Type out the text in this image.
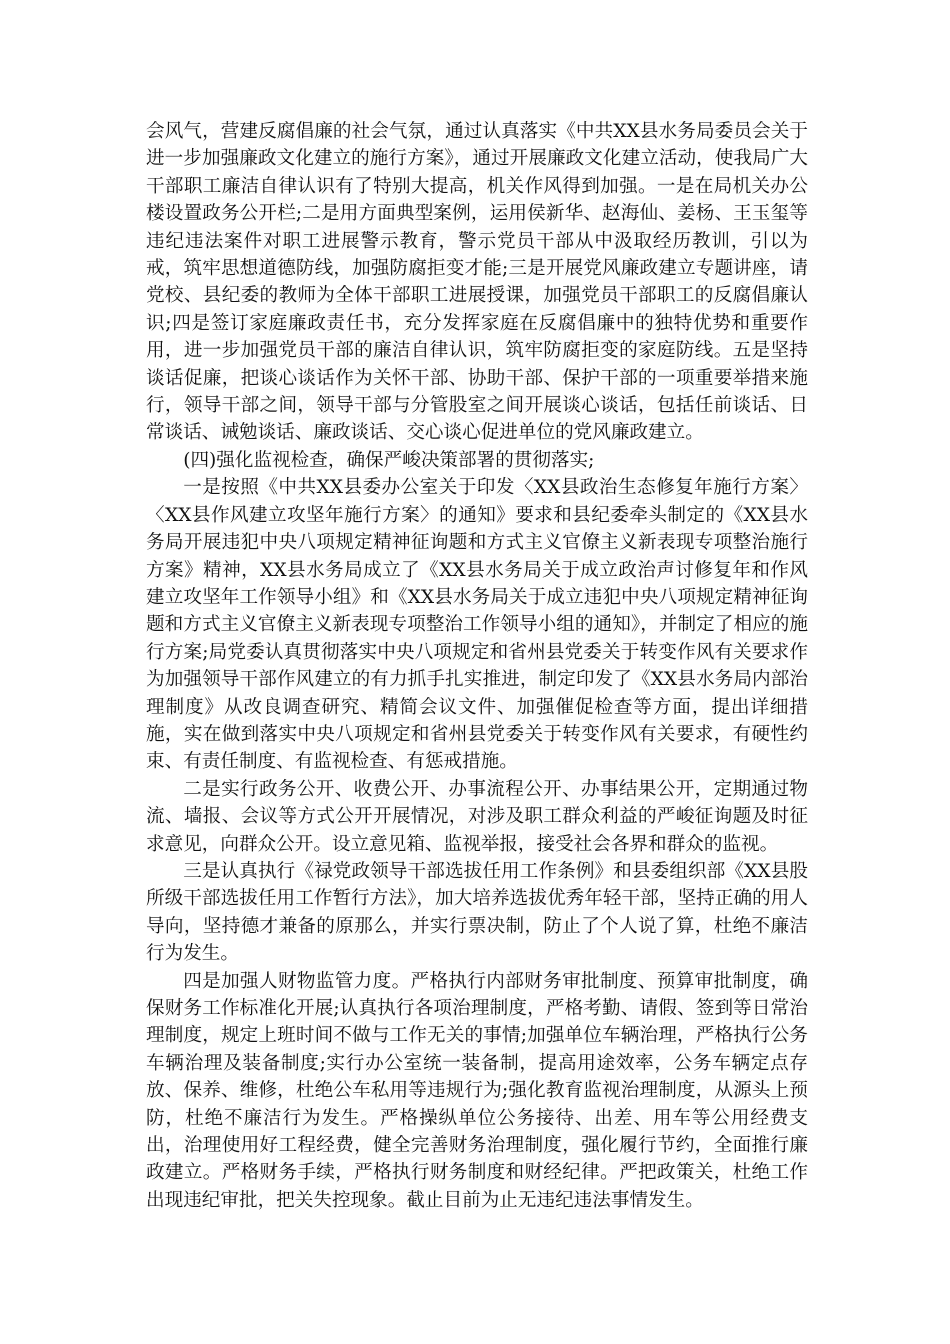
会风气，营建反腐倡廉的社会气氛，通过认真落实《中共XX县水务局委员会关于进一步加强廉政文化建立的施行方案》，通过开展廉政文化建立活动，使我局广大干部职工廉洁自律认识有了特别大提高，机关作风得到加强。一是在局机关办公楼设置政务公开栏;二是用方面典型案例，运用侯新华、赵海仙、姜杨、王玉玺等违纪违法案件对职工进展警示教育，警示党员干部从中汲取经历教训，引以为戒，筑牢思想道德防线，加强防腐拒变才能;三是开展党风廉政建立专题讲座，请党校、县纪委的教师为全体干部职工进展授课，加强党员干部职工的反腐倡廉认识;四是签订家庭廉政责任书，充分发挥家庭在反腐倡廉中的独特优势和重要作用，进一步加强党员干部的廉洁自律认识，筑牢防腐拒变的家庭防线。五是坚持谈话促廉，把谈心谈话作为关怀干部、协助干部、保护干部的一项重要举措来施行，领导干部之间，领导干部与分管股室之间开展谈心谈话，包括任前谈话、日常谈话、诫勉谈话、廉政谈话、交心谈心促进单位的党风廉政建立。

(四)强化监视检查，确保严峻决策部署的贯彻落实;

一是按照《中共XX县委办公室关于印发〈XX县政治生态修复年施行方案〉〈XX县作风建立攻坚年施行方案〉的通知》要求和县纪委牵头制定的《XX县水务局开展违犯中央八项规定精神征询题和方式主义官僚主义新表现专项整治施行方案》精神，XX县水务局成立了《XX县水务局关于成立政治声讨修复年和作风建立攻坚年工作领导小组》和《XX县水务局关于成立违犯中央八项规定精神征询题和方式主义官僚主义新表现专项整治工作领导小组的通知》，并制定了相应的施行方案;局党委认真贯彻落实中央八项规定和省州县党委关于转变作风有关要求作为加强领导干部作风建立的有力抓手扎实推进，制定印发了《XX县水务局内部治理制度》从改良调查研究、精简会议文件、加强催促检查等方面，提出详细措施，实在做到落实中央八项规定和省州县党委关于转变作风有关要求，有硬性约束、有责任制度、有监视检查、有惩戒措施。

二是实行政务公开、收费公开、办事流程公开、办事结果公开，定期通过物流、墙报、会议等方式公开开展情况，对涉及职工群众利益的严峻征询题及时征求意见，向群众公开。设立意见箱、监视举报，接受社会各界和群众的监视。

三是认真执行《禄党政领导干部选拔任用工作条例》和县委组织部《XX县股所级干部选拔任用工作暂行方法》，加大培养选拔优秀年轻干部，坚持正确的用人导向，坚持德才兼备的原那么，并实行票决制，防止了个人说了算，杜绝不廉洁行为发生。

四是加强人财物监管力度。严格执行内部财务审批制度、预算审批制度，确保财务工作标准化开展;认真执行各项治理制度，严格考勤、请假、签到等日常治理制度，规定上班时间不做与工作无关的事情;加强单位车辆治理，严格执行公务车辆治理及装备制度;实行办公室统一装备制，提高用途效率，公务车辆定点存放、保养、维修，杜绝公车私用等违规行为;强化教育监视治理制度，从源头上预防，杜绝不廉洁行为发生。严格操纵单位公务接待、出差、用车等公用经费支出，治理使用好工程经费，健全完善财务治理制度，强化履行节约，全面推行廉政建立。严格财务手续，严格执行财务制度和财经纪律。严把政策关，杜绝工作出现违纪审批，把关失控现象。截止目前为止无违纪违法事情发生。
